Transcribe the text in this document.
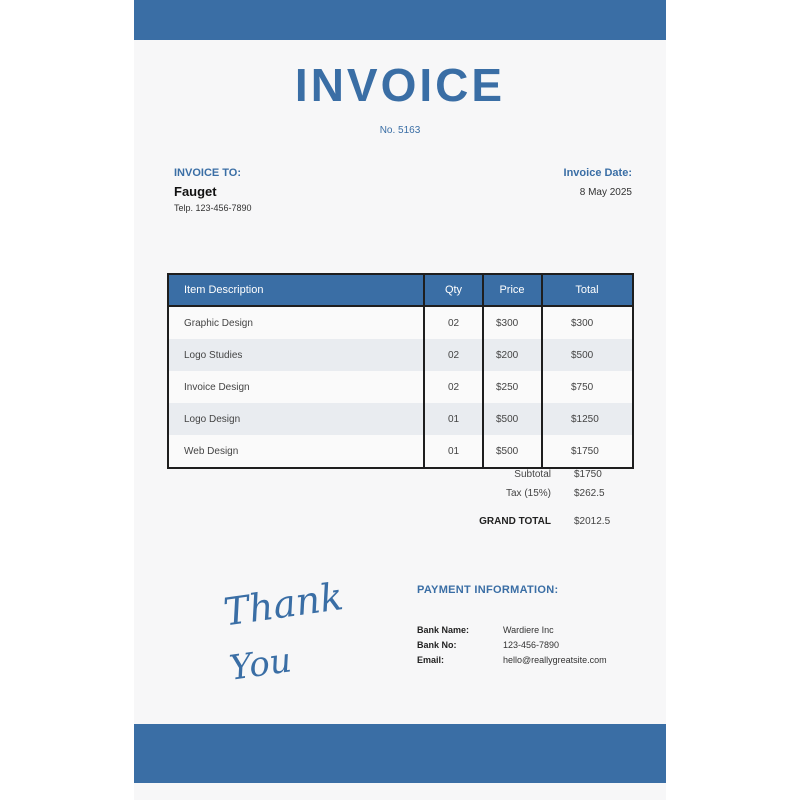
INVOICE
No. 5163
INVOICE TO:
Fauget
Telp. 123-456-7890
Invoice Date:
8 May 2025
Item Description	Qty	Price	Total
Graphic Design	02	$300	$300
Logo Studies	02	$200	$500
Invoice Design	02	$250	$750
Logo Design	01	$500	$1250
Web Design	01	$500	$1750
Subtotal $1750
Tax (15%) $262.5
GRAND TOTAL $2012.5
Thank
You
PAYMENT INFORMATION:
Bank Name:	Wardiere Inc
Bank No:	123-456-7890
Email:	hello@reallygreatsite.com
